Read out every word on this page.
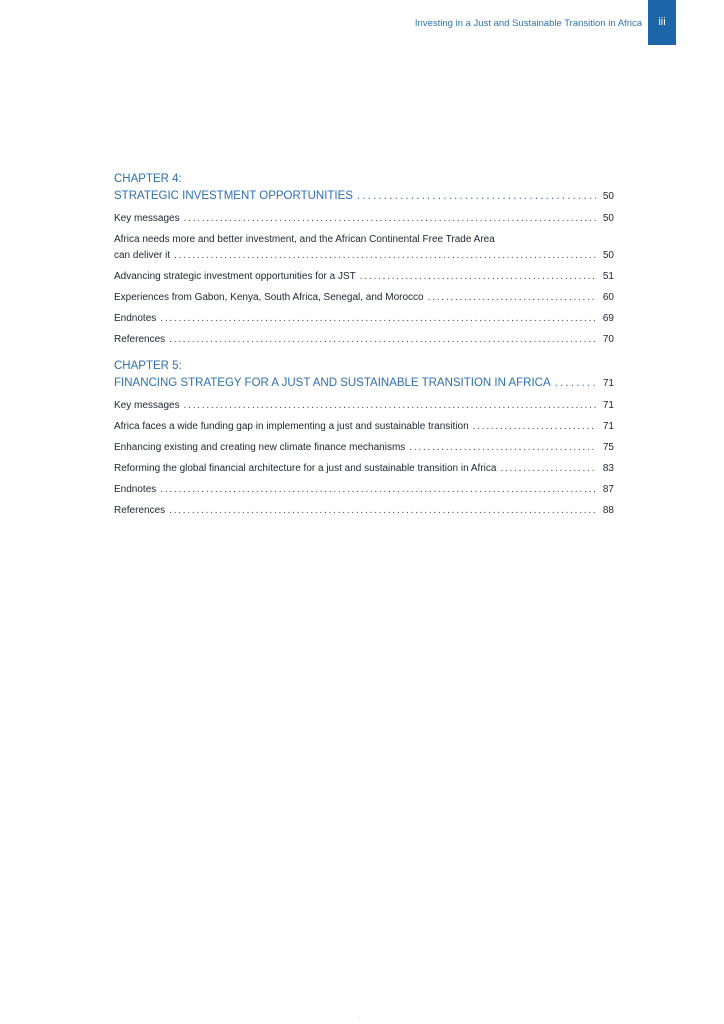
Investing in a Just and Sustainable Transition in Africa	iii
CHAPTER 4:
STRATEGIC INVESTMENT OPPORTUNITIES . . .	50
Key messages . . .	50
Africa needs more and better investment, and the African Continental Free Trade Area
can deliver it . . .	50
Advancing strategic investment opportunities for a JST . . .	51
Experiences from Gabon, Kenya, South Africa, Senegal, and Morocco . . .	60
Endnotes . . .	69
References . . .	70
CHAPTER 5:
FINANCING STRATEGY FOR A JUST AND SUSTAINABLE TRANSITION IN AFRICA . . .	71
Key messages . . .	71
Africa faces a wide funding gap in implementing a just and sustainable transition . . .	71
Enhancing existing and creating new climate finance mechanisms . . .	75
Reforming the global financial architecture for a just and sustainable transition in Africa . . .	83
Endnotes . . .	87
References . . .	88
-
